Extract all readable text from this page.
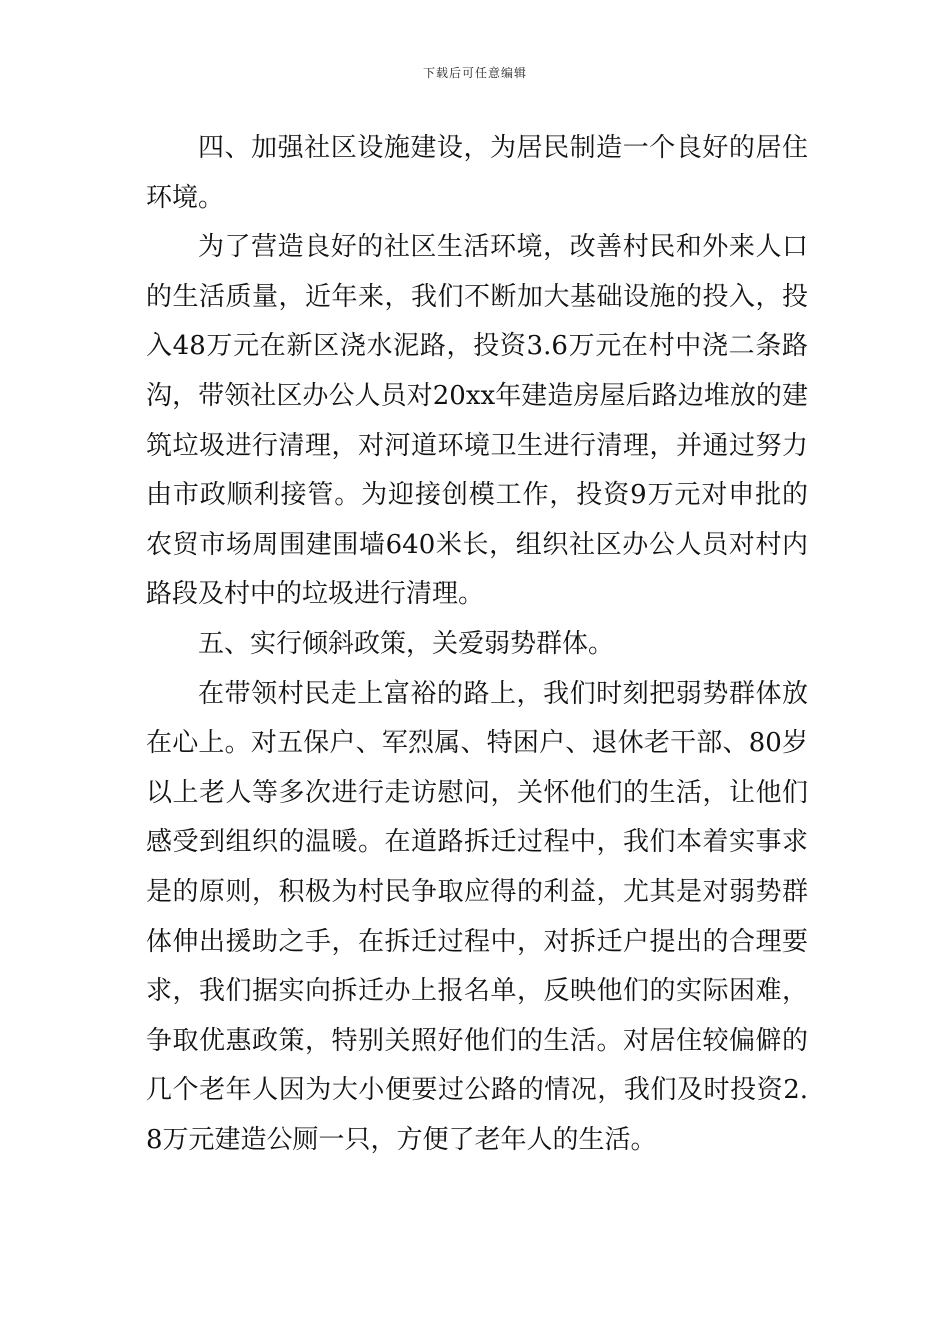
下载后可任意编辑

四、加强社区设施建设，为居民制造一个良好的居住环境。

为了营造良好的社区生活环境，改善村民和外来人口的生活质量，近年来，我们不断加大基础设施的投入，投入48万元在新区浇水泥路，投资3.6万元在村中浇二条路沟，带领社区办公人员对20xx年建造房屋后路边堆放的建筑垃圾进行清理，对河道环境卫生进行清理，并通过努力由市政顺利接管。为迎接创模工作，投资9万元对申批的农贸市场周围建围墙640米长，组织社区办公人员对村内路段及村中的垃圾进行清理。

五、实行倾斜政策，关爱弱势群体。

在带领村民走上富裕的路上，我们时刻把弱势群体放在心上。对五保户、军烈属、特困户、退休老干部、80岁以上老人等多次进行走访慰问，关怀他们的生活，让他们感受到组织的温暖。在道路拆迁过程中，我们本着实事求是的原则，积极为村民争取应得的利益，尤其是对弱势群体伸出援助之手，在拆迁过程中，对拆迁户提出的合理要求，我们据实向拆迁办上报名单，反映他们的实际困难，争取优惠政策，特别关照好他们的生活。对居住较偏僻的几个老年人因为大小便要过公路的情况，我们及时投资2.8万元建造公厕一只，方便了老年人的生活。
